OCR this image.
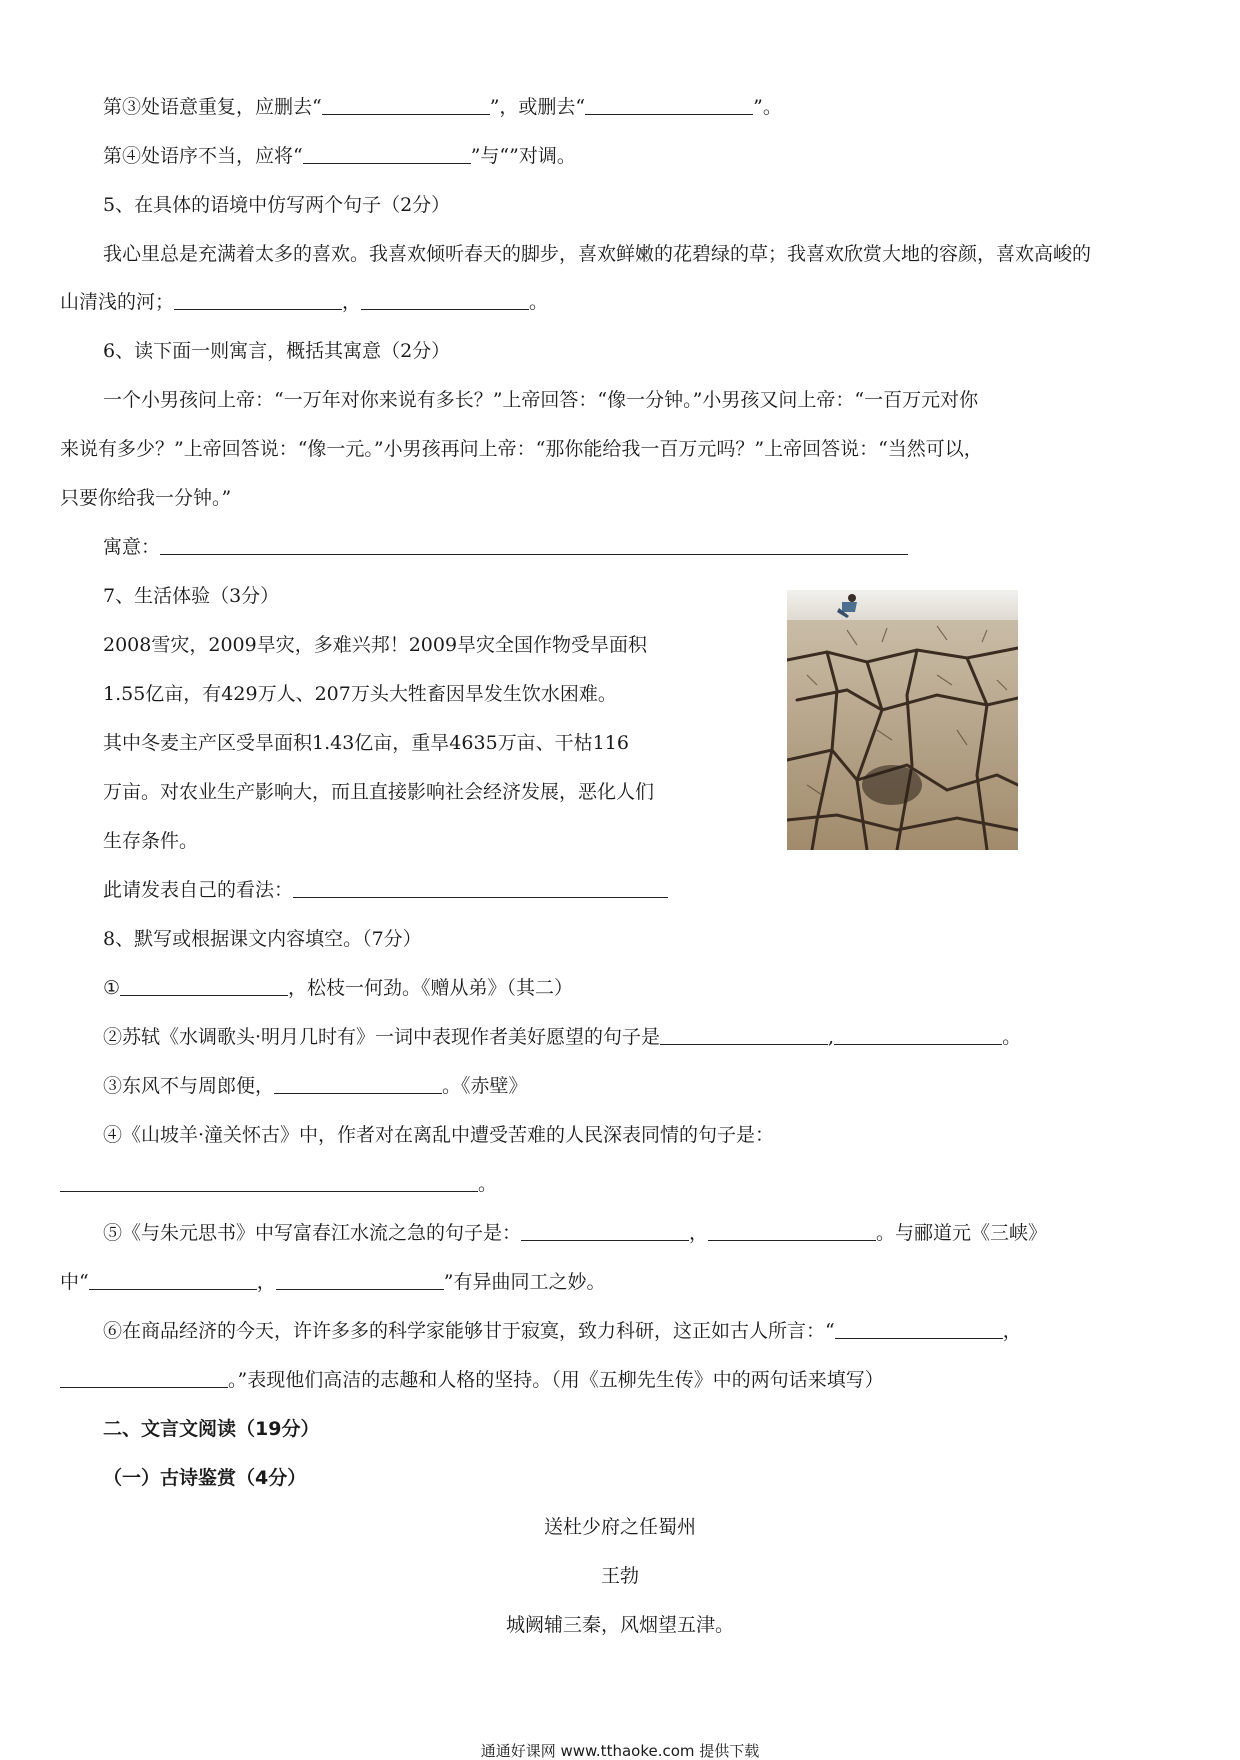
第③处语意重复，应删去“	”，或删去“	”。
第④处语序不当，应将“	”与“”对调。
5、在具体的语境中仿写两个句子（2分）
我心里总是充满着太多的喜欢。我喜欢倾听春天的脚步，喜欢鲜嫩的花碧绿的草；我喜欢欣赏大地的容颜，喜欢高峻的
山清浅的河；	，	。
6、读下面一则寓言，概括其寓意（2分）
一个小男孩问上帝：“一万年对你来说有多长？”上帝回答：“像一分钟。”小男孩又问上帝：“一百万元对你
来说有多少？”上帝回答说：“像一元。”小男孩再问上帝：“那你能给我一百万元吗？”上帝回答说：“当然可以，
只要你给我一分钟。”
寓意：
7、生活体验（3分）
2008雪灾，2009旱灾，多难兴邦！2009旱灾全国作物受旱面积
1.55亿亩，有429万人、207万头大牲畜因旱发生饮水困难。
其中冬麦主产区受旱面积1.43亿亩，重旱4635万亩、干枯116
万亩。对农业生产影响大，而且直接影响社会经济发展，恶化人们
生存条件。
此请发表自己的看法：
8、默写或根据课文内容填空。（7分）
①	，松枝一何劲。《赠从弟》（其二）
②苏轼《水调歌头·明月几时有》一词中表现作者美好愿望的句子是	,	。
③东风不与周郎便，	。《赤壁》
④《山坡羊·潼关怀古》中，作者对在离乱中遭受苦难的人民深表同情的句子是：
。
⑤《与朱元思书》中写富春江水流之急的句子是：	，	。与郦道元《三峡》
中“	，	”有异曲同工之妙。
⑥在商品经济的今天，许许多多的科学家能够甘于寂寞，致力科研，这正如古人所言：“	，
。”表现他们高洁的志趣和人格的坚持。（用《五柳先生传》中的两句话来填写）
二、文言文阅读（19分）
（一）古诗鉴赏（4分）
送杜少府之任蜀州
王勃
城阙辅三秦，风烟望五津。
通通好课网 www.tthaoke.com 提供下载
